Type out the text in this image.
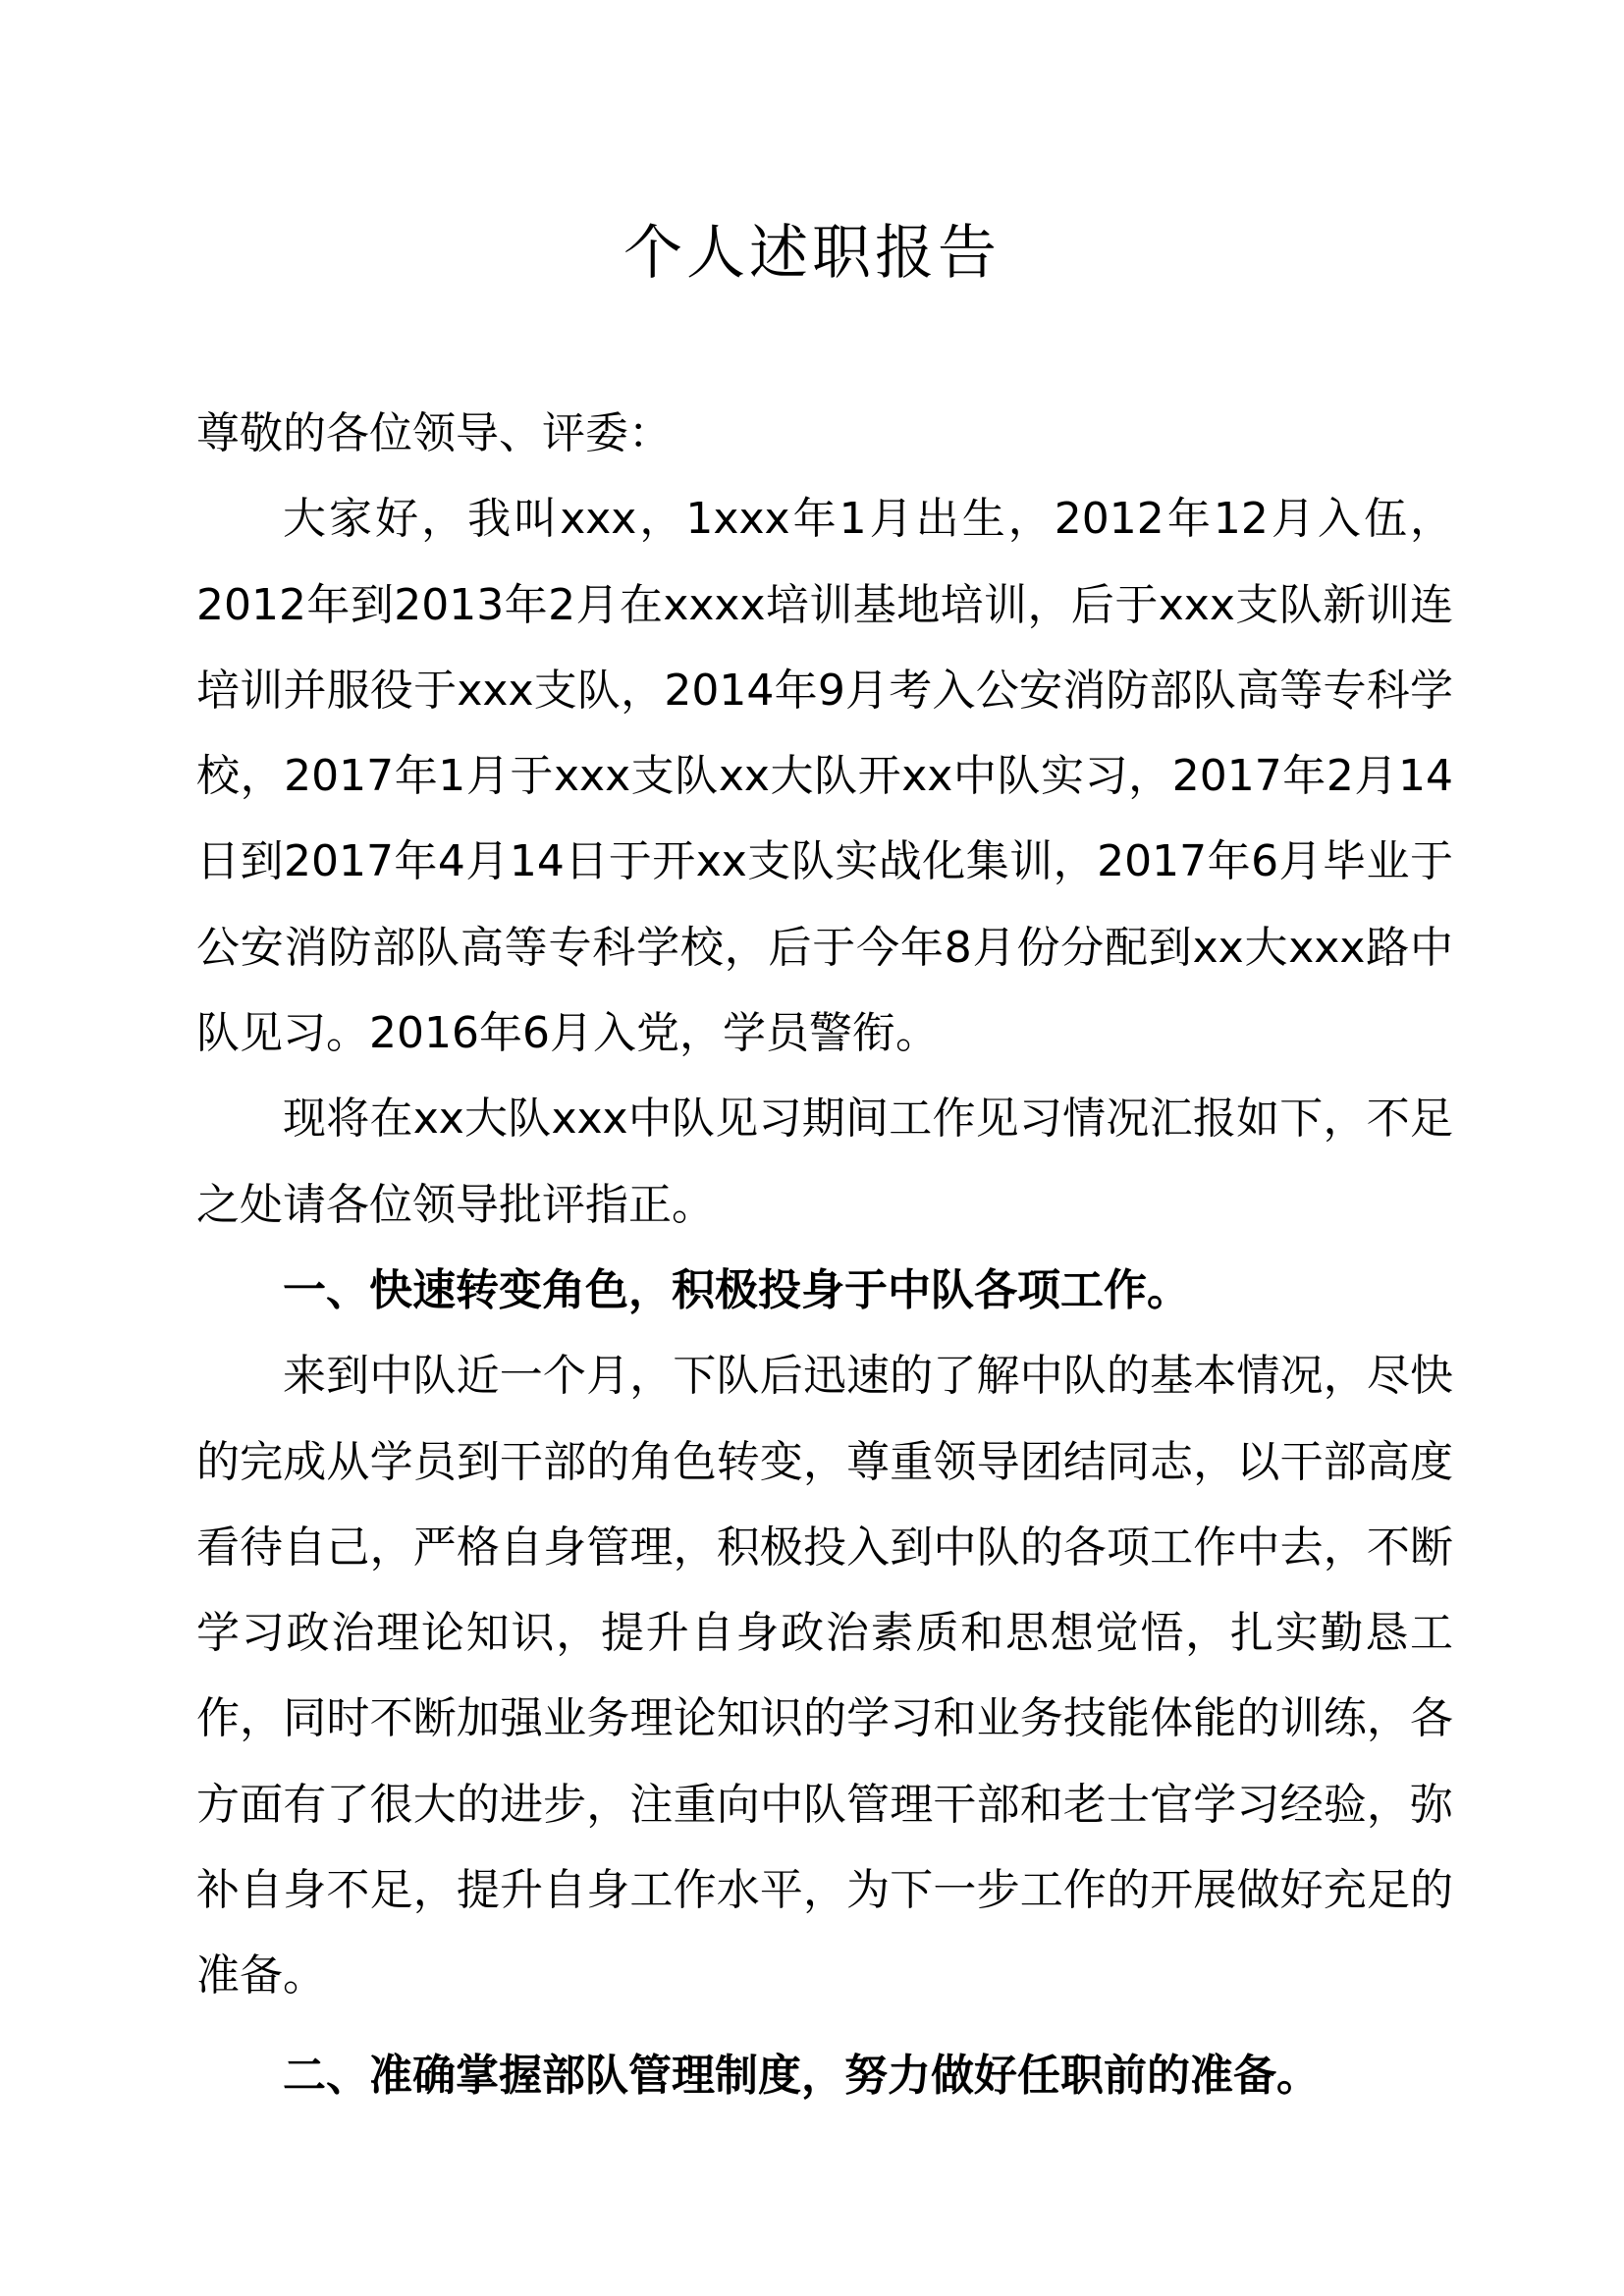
个人述职报告

尊敬的各位领导、评委：

大家好，我叫xxx，1xxx年1月出生，2012年12月入伍，2012年到2013年2月在xxxx培训基地培训，后于xxx支队新训连培训并服役于xxx支队，2014年9月考入公安消防部队高等专科学校，2017年1月于xxx支队xx大队开xx中队实习，2017年2月14日到2017年4月14日于开xx支队实战化集训，2017年6月毕业于公安消防部队高等专科学校，后于今年8月份分配到xx大xxx路中队见习。2016年6月入党，学员警衔。

现将在xx大队xxx中队见习期间工作见习情况汇报如下，不足之处请各位领导批评指正。

一、快速转变角色，积极投身于中队各项工作。

来到中队近一个月，下队后迅速的了解中队的基本情况，尽快的完成从学员到干部的角色转变，尊重领导团结同志，以干部高度看待自己，严格自身管理，积极投入到中队的各项工作中去，不断学习政治理论知识，提升自身政治素质和思想觉悟，扎实勤恳工作，同时不断加强业务理论知识的学习和业务技能体能的训练，各方面有了很大的进步，注重向中队管理干部和老士官学习经验，弥补自身不足，提升自身工作水平，为下一步工作的开展做好充足的准备。

二、准确掌握部队管理制度，努力做好任职前的准备。
